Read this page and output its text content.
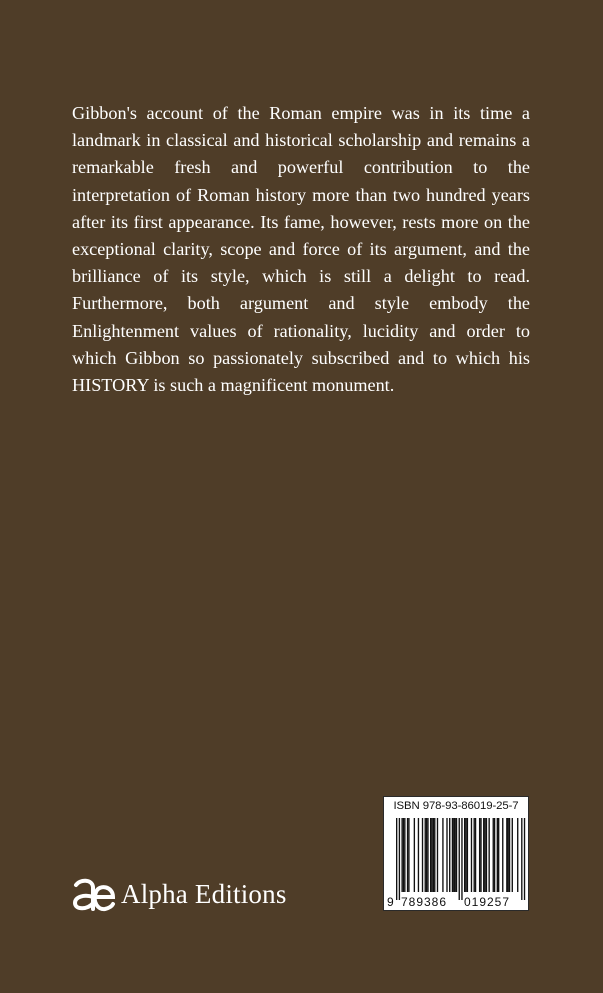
Gibbon's account of the Roman empire was in its time a landmark in classical and historical scholarship and remains a remarkable fresh and powerful contribution to the interpretation of Roman history more than two hundred years after its first appearance. Its fame, however, rests more on the exceptional clarity, scope and force of its argument, and the brilliance of its style, which is still a delight to read. Furthermore, both argument and style embody the Enlightenment values of rationality, lucidity and order to which Gibbon so passionately subscribed and to which his HISTORY is such a magnificent monument.

Alpha Editions
ISBN 978-93-86019-25-7
9 789386 019257
